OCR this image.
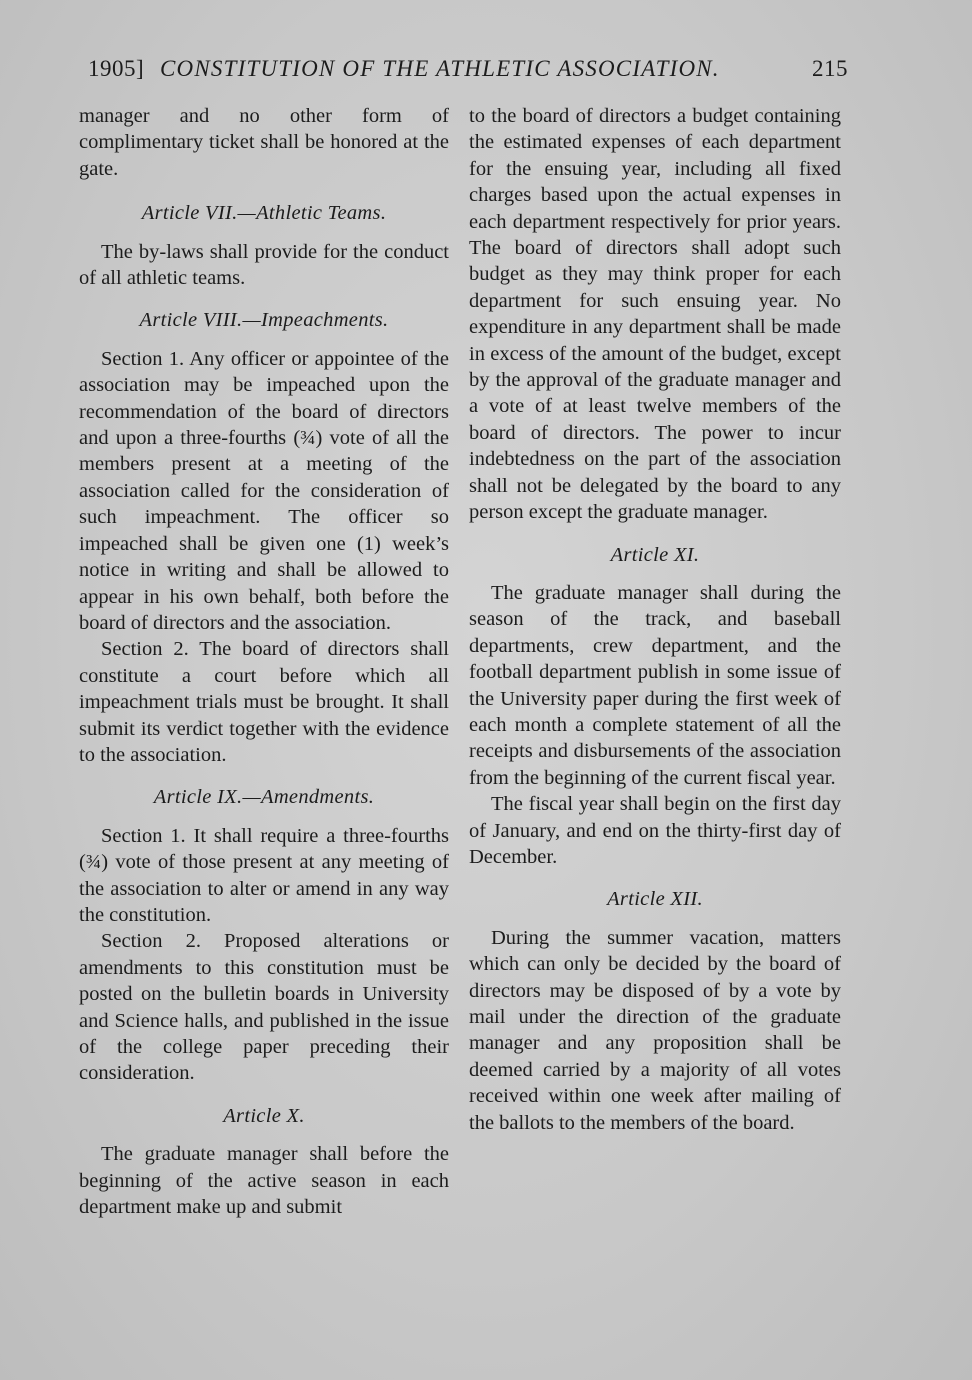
1905] CONSTITUTION OF THE ATHLETIC ASSOCIATION.	215

manager and no other form of complimentary ticket shall be honored at the gate.

Article VII.—Athletic Teams.

The by-laws shall provide for the conduct of all athletic teams.

Article VIII.—Impeachments.

Section 1. Any officer or appointee of the association may be impeached upon the recommendation of the board of directors and upon a three-fourths (¾) vote of all the members present at a meeting of the association called for the consideration of such impeachment. The officer so impeached shall be given one (1) week’s notice in writing and shall be allowed to appear in his own behalf, both before the board of directors and the association.

Section 2. The board of directors shall constitute a court before which all impeachment trials must be brought. It shall submit its verdict together with the evidence to the association.

Article IX.—Amendments.

Section 1. It shall require a three-fourths (¾) vote of those present at any meeting of the association to alter or amend in any way the constitution.

Section 2. Proposed alterations or amendments to this constitution must be posted on the bulletin boards in University and Science halls, and published in the issue of the college paper preceding their consideration.

Article X.

The graduate manager shall before the beginning of the active season in each department make up and submit

to the board of directors a budget containing the estimated expenses of each department for the ensuing year, including all fixed charges based upon the actual expenses in each department respectively for prior years. The board of directors shall adopt such budget as they may think proper for each department for such ensuing year. No expenditure in any department shall be made in excess of the amount of the budget, except by the approval of the graduate manager and a vote of at least twelve members of the board of directors. The power to incur indebtedness on the part of the association shall not be delegated by the board to any person except the graduate manager.

Article XI.

The graduate manager shall during the season of the track, and baseball departments, crew department, and the football department publish in some issue of the University paper during the first week of each month a complete statement of all the receipts and disbursements of the association from the beginning of the current fiscal year.

The fiscal year shall begin on the first day of January, and end on the thirty-first day of December.

Article XII.

During the summer vacation, matters which can only be decided by the board of directors may be disposed of by a vote by mail under the direction of the graduate manager and any proposition shall be deemed carried by a majority of all votes received within one week after mailing of the ballots to the members of the board.
